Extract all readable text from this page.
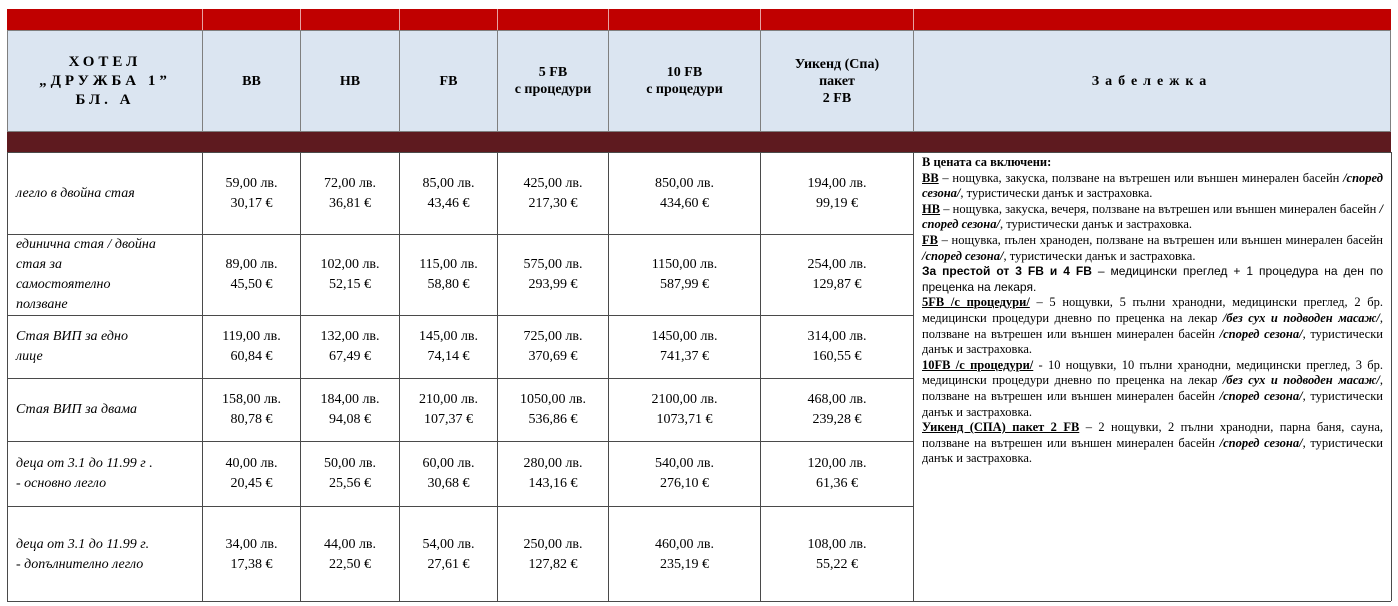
ХОТЕЛ
„ДРУЖБА 1”
БЛ. А
BB	HB	FB
5 FB
с процедури
10 FB
с процедури
Уикенд (Спа)
пакет
2 FB
Забележка
легло в двойна стая
59,00 лв.
30,17 €
72,00 лв.
36,81 €
85,00 лв.
43,46 €
425,00 лв.
217,30 €
850,00 лв.
434,60 €
194,00 лв.
99,19 €
единична стая / двойна
стая за
самостоятелно
ползване
89,00 лв.
45,50 €
102,00 лв.
52,15 €
115,00 лв.
58,80 €
575,00 лв.
293,99 €
1150,00 лв.
587,99 €
254,00 лв.
129,87 €
Стая ВИП за едно
лице
119,00 лв.
60,84 €
132,00 лв.
67,49 €
145,00 лв.
74,14 €
725,00 лв.
370,69 €
1450,00 лв.
741,37 €
314,00 лв.
160,55 €
Стая ВИП за двама
158,00 лв.
80,78 €
184,00 лв.
94,08 €
210,00 лв.
107,37 €
1050,00 лв.
536,86 €
2100,00 лв.
1073,71 €
468,00 лв.
239,28 €
деца от 3.1 до 11.99 г .
- основно легло
40,00 лв.
20,45 €
50,00 лв.
25,56 €
60,00 лв.
30,68 €
280,00 лв.
143,16 €
540,00 лв.
276,10 €
120,00 лв.
61,36 €
деца от 3.1 до 11.99 г.
- допълнително легло
34,00 лв.
17,38 €
44,00 лв.
22,50 €
54,00 лв.
27,61 €
250,00 лв.
127,82 €
460,00 лв.
235,19 €
108,00 лв.
55,22 €

В цената са включени:

BB – нощувка, закуска, ползване на вътрешен или външен минерален басейн /според сезона/, туристически данък и застраховка.

HB – нощувка, закуска, вечеря, ползване на вътрешен или външен минерален басейн /според сезона/, туристически данък и застраховка.

FB – нощувка, пълен хранoден, ползване на вътрешен или външен минерален басейн /според сезона/, туристически данък и застраховка.

За престой от 3 FB и 4 FB – медицински преглед + 1 процедура на ден по преценка на лекаря.

5FB /с процедури/ – 5 нощувки, 5 пълни хранодни, медицински преглед, 2 бр. медицински процедури дневно по преценка на лекар /без сух и подводен масаж/, ползване на вътрешен или външен минерален басейн /според сезона/, туристически данък и застраховка.

10FB /с процедури/ - 10 нощувки, 10 пълни хранодни, медицински преглед, 3 бр. медицински процедури дневно по преценка на лекар /без сух и подводен масаж/, ползване на вътрешен или външен минерален басейн /според сезона/, туристически данък и застраховка.

Уикенд (СПА) пакет 2 FB – 2 нощувки, 2 пълни хранодни, парна баня, сауна, ползване на вътрешен или външен минерален басейн /според сезона/, туристически данък и застраховка.
